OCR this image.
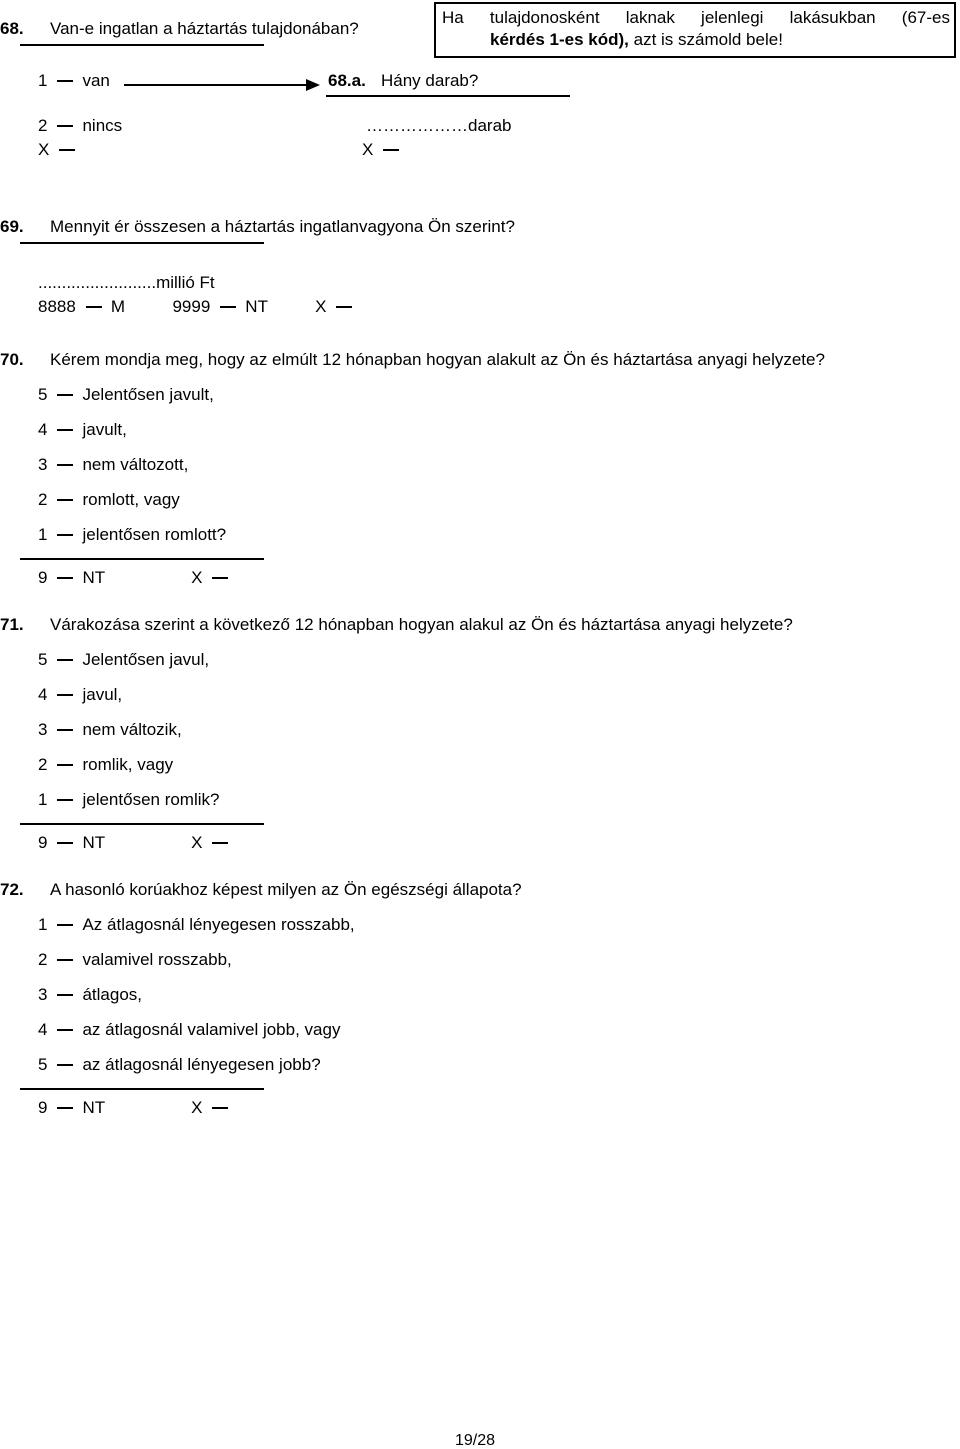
68. Van-e ingatlan a háztartás tulajdonában?
Ha tulajdonosként laknak jelenlegi lakásukban (67-es
kérdés 1-es kód), azt is számold bele!
1 van	68.a. Hány darab?
2 nincs	………………darab
X	X
69. Mennyit ér összesen a háztartás ingatlanvagyona Ön szerint?
.........................millió Ft
8888 M	9999 NT	X
70. Kérem mondja meg, hogy az elmúlt 12 hónapban hogyan alakult az Ön és háztartása anyagi helyzete?
5 Jelentősen javult,
4 javult,
3 nem változott,
2 romlott, vagy
1 jelentősen romlott?
9 NT	X
71. Várakozása szerint a következő 12 hónapban hogyan alakul az Ön és háztartása anyagi helyzete?
5 Jelentősen javul,
4 javul,
3 nem változik,
2 romlik, vagy
1 jelentősen romlik?
9 NT	X
72. A hasonló korúakhoz képest milyen az Ön egészségi állapota?
1 Az átlagosnál lényegesen rosszabb,
2 valamivel rosszabb,
3 átlagos,
4 az átlagosnál valamivel jobb, vagy
5 az átlagosnál lényegesen jobb?
9 NT	X
19/28
